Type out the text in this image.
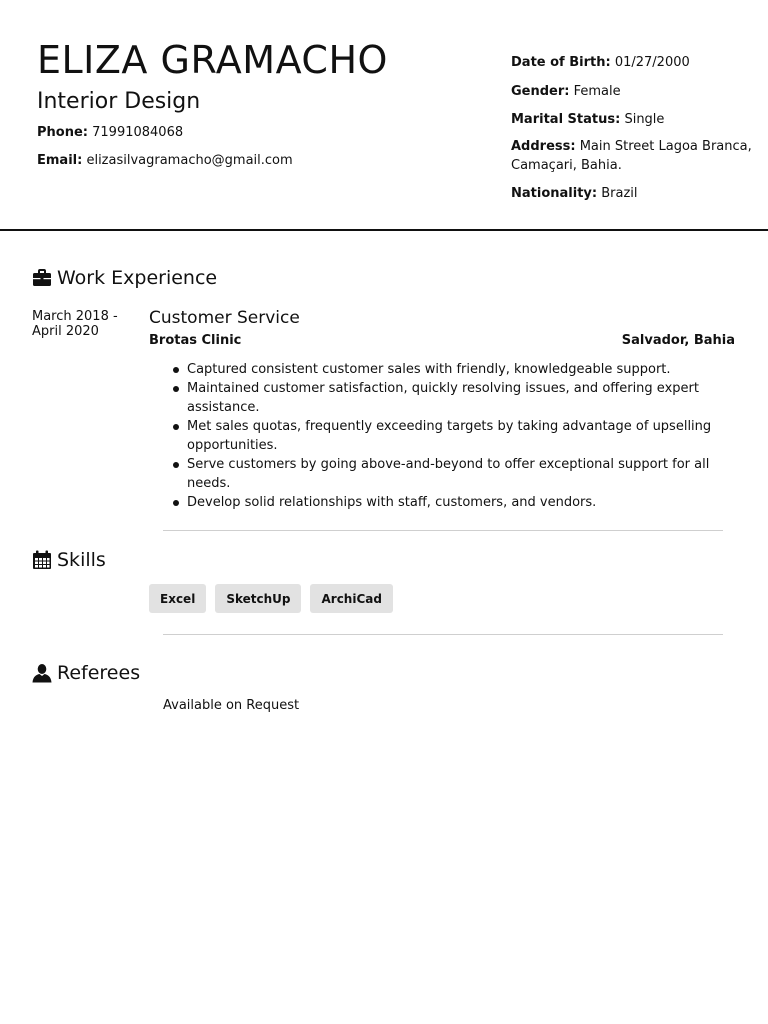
ELIZA GRAMACHO
Interior Design
Phone: 71991084068
Email: elizasilvagramacho@gmail.com
Date of Birth: 01/27/2000
Gender: Female
Marital Status: Single
Address: Main Street Lagoa Branca, Camaçari, Bahia.
Nationality: Brazil
Work Experience
March 2018 - April 2020
Customer Service
Brotas Clinic	Salvador, Bahia
Captured consistent customer sales with friendly, knowledgeable support.
Maintained customer satisfaction, quickly resolving issues, and offering expert assistance.
Met sales quotas, frequently exceeding targets by taking advantage of upselling opportunities.
Serve customers by going above-and-beyond to offer exceptional support for all needs.
Develop solid relationships with staff, customers, and vendors.
Skills
Excel	SketchUp	ArchiCad
Referees
Available on Request
